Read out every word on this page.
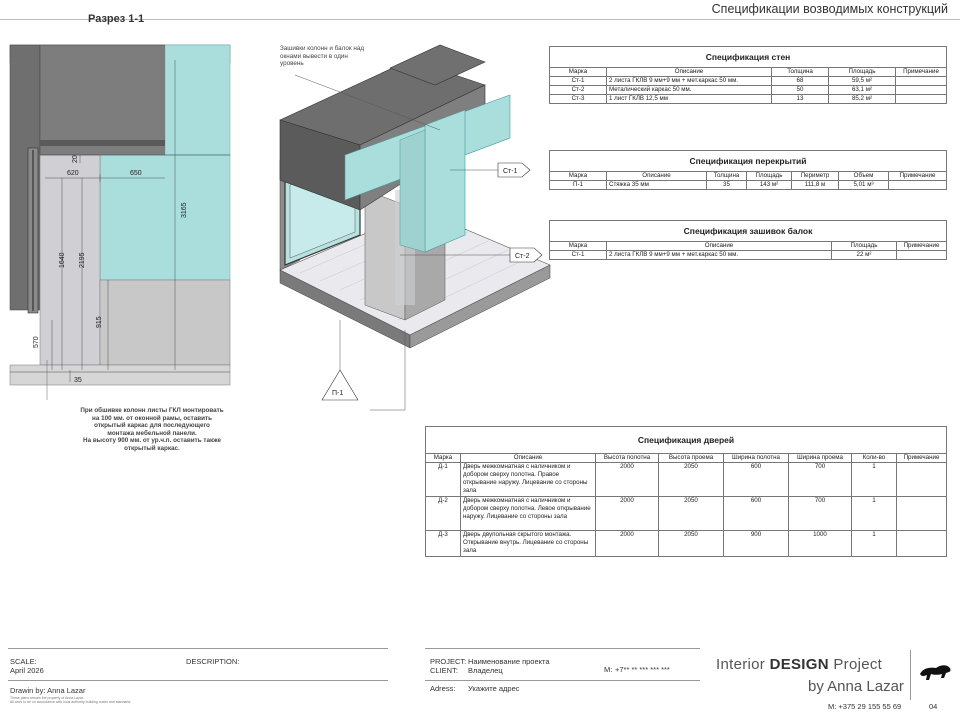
Спецификации возводимых конструкций
Разрез 1-1
20
620	650
1640 2195
3165
915
570
35
При обшивке колонн листы ГКЛ монтировать
на 100 мм. от оконной рамы, оставить
открытый каркас для последующего
монтажа мебельной панели.
На высоту 900 мм. от ур.ч.п. оставить также
открытый каркас.
Ст-1
Ст-2
П-1
Зашивки колонн и балок над
окнами вывести в один
уровень
Спецификация стен				
Марка	Описание	Толщина	Площадь	Примечание
Ст-1	2 листа ГКЛВ 9 мм+9 мм + мет.каркас 50 мм.	68	59,5 м²	
Ст-2	Металический каркас 50 мм.	50	63,1 м²	
Ст-3	1 лист ГКЛВ 12,5 мм	13	85,2 м²	
Спецификация перекрытий						
Марка	Описание	Толщина	Площадь	Периметр	Объем	Примечание
П-1	Стяжка 35 мм	35	143 м²	111,8 м	5,01 м³	
Спецификация зашивок балок			
Марка	Описание	Площадь	Примечание
Ст-1	2 листа ГКЛВ 9 мм+9 мм + мет.каркас 50 мм.	22 м²	
Спецификация дверей							
Марка	Описание	Высота полотна	Высота проема	Ширина полотна	Ширина проема	Коли-во	Примечание
Д-1	Дверь межкомнатная с наличником и добором сверху полотна. Правое открывание наружу. Лицевание со стороны зала	2000	2050	600	700	1	
Д-2	Дверь межкомнатная с наличником и добором сверху полотна. Левое открывание наружу. Лицевание со стороны зала	2000	2050	600	700	1	
Д-3	Дверь двупольная скрытого монтажа. Открывание внутрь. Лицевание со стороны зала	2000	2050	900	1000	1	
SCALE:
April 2026
DESCRIPTION:
Drawin by: Anna Lazar
These plans remain the property of Anna Lazar.
All work to be on accordance with local authority building codes and standarts.
PROJECT: Наименование проекта
CLIENT: Владелец	M: +7** ** *** *** ***
Adress: Укажите адрес
Interior DESIGN Project
by Anna Lazar
M: +375 29 155 55 69	04
